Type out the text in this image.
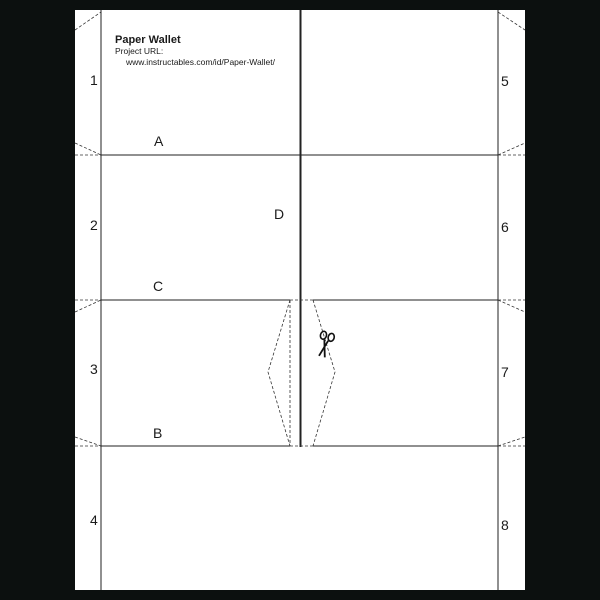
Paper Wallet
Project URL:
www.instructables.com/id/Paper-Wallet/
1
2
3
4
5
6
7
8
A
D
C
B
